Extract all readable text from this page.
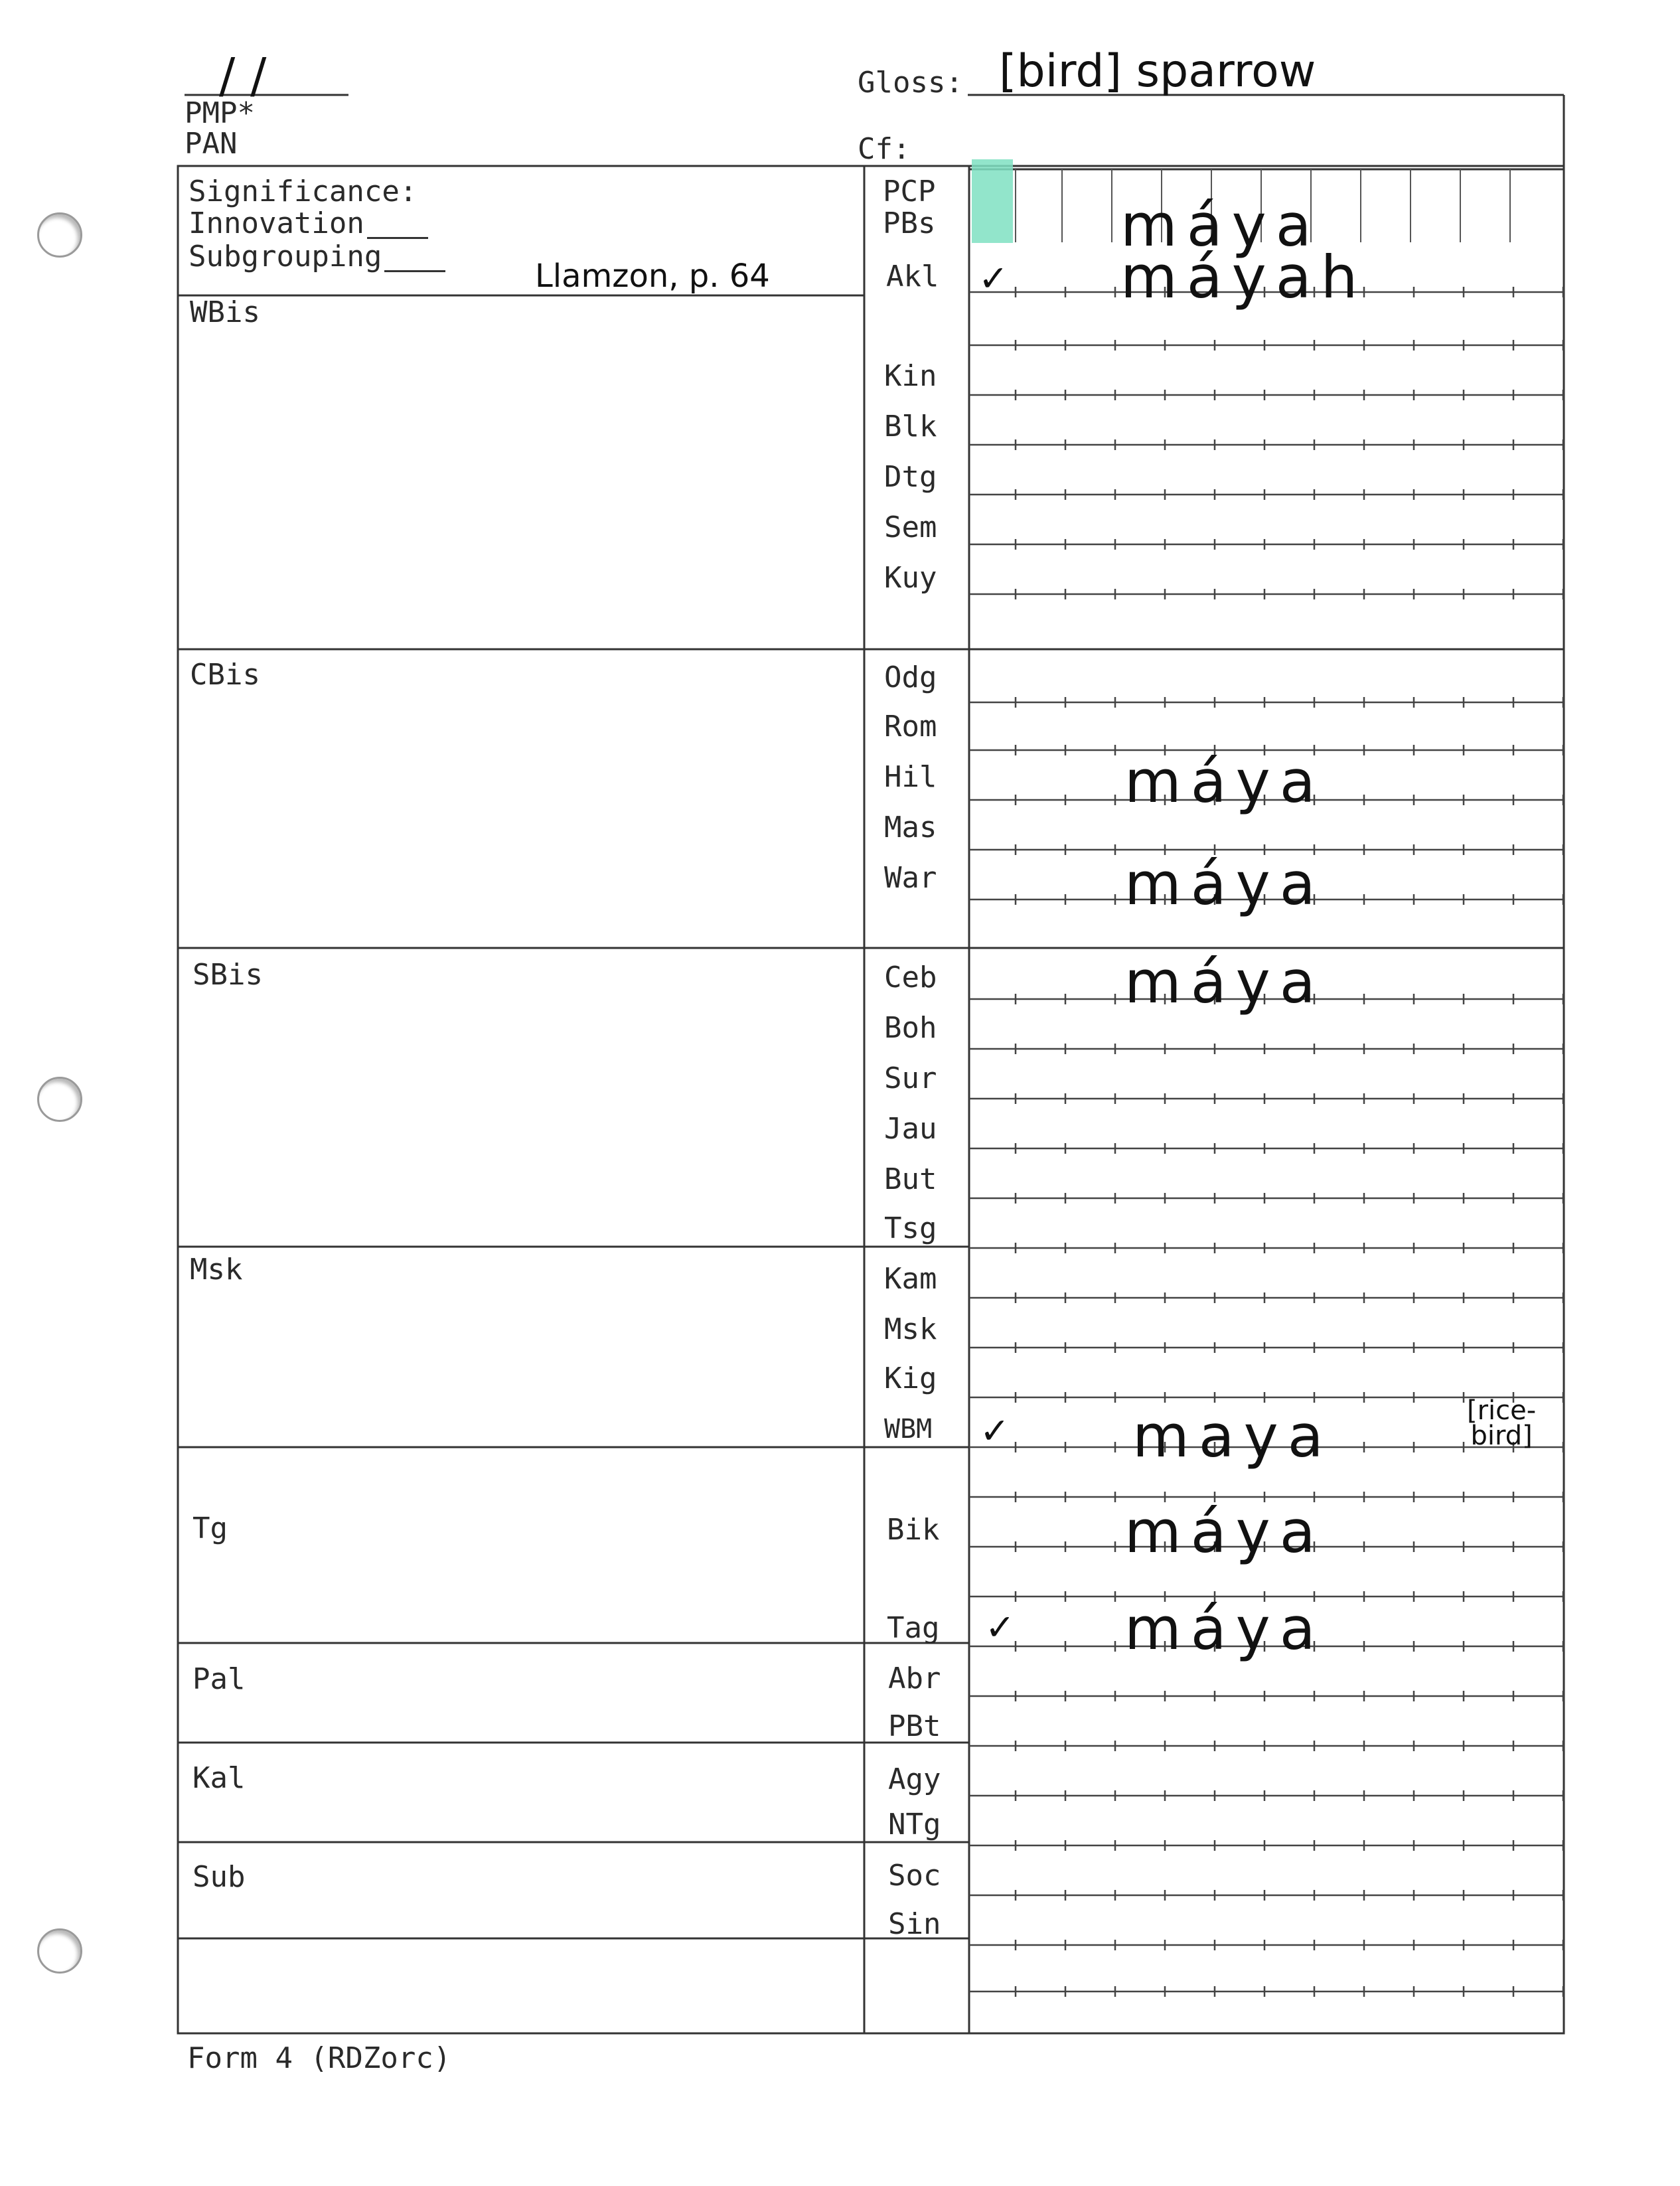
/ /
PMP*
PAN
Gloss: [bird] sparrow
Cf:
Significance:
Innovation
Subgrouping
Llamzon, p. 64
WBis
CBis
SBis
Msk
Tg
Pal
Kal
Sub
PCP
PBs
Akl
Kin
Blk
Dtg
Sem
Kuy
Odg
Rom
Hil
Mas
War
Ceb
Boh
Sur
Jau
But
Tsg
Kam
Msk
Kig
WBM
Bik
Tag
Abr
PBt
Agy
NTg
Soc
Sin
máya
✓ máyah
máya
máya
máya
✓ maya	[rice-
bird]
máya
✓ máya
Form 4 (RDZorc)
